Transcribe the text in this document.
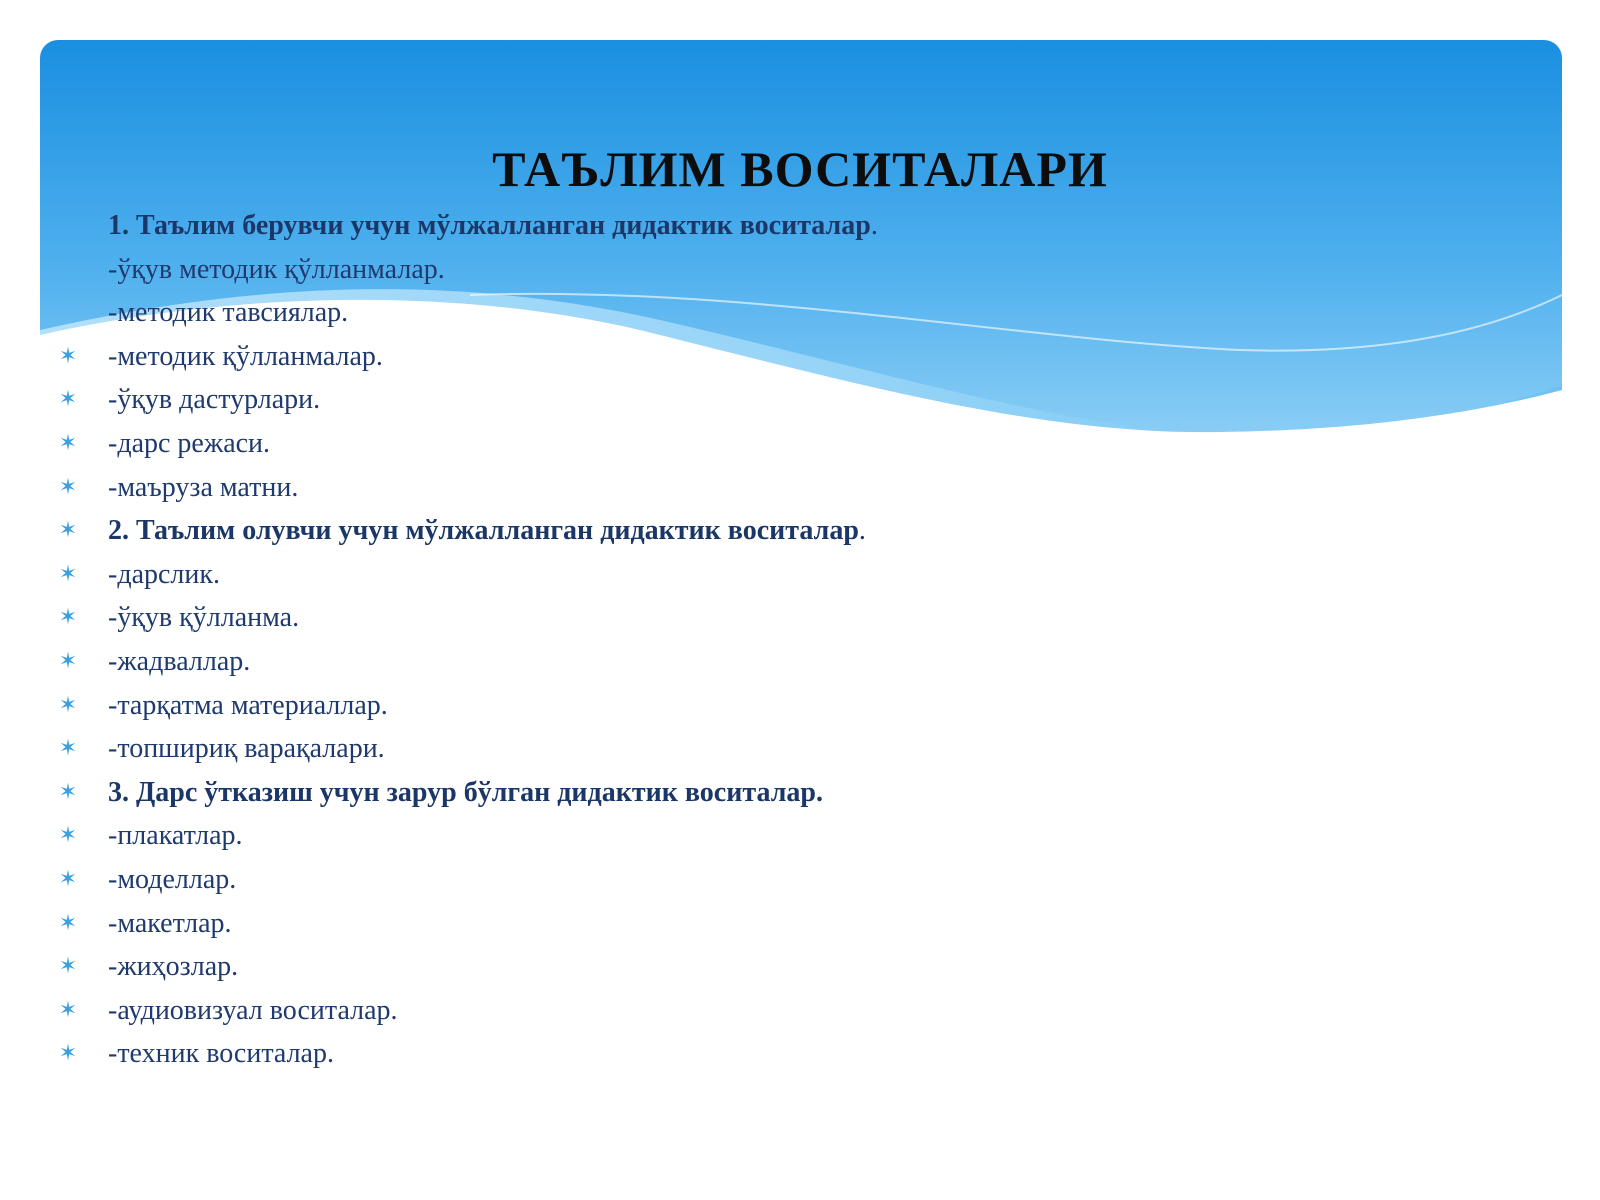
ТАЪЛИМ ВОСИТАЛАРИ
1. Таълим берувчи учун мўлжалланган дидактик воситалар.
-ўқув методик қўлланмалар.
-методик тавсиялар.
✶ -методик қўлланмалар.
✶ -ўқув дастурлари.
✶ -дарс режаси.
✶ -маъруза матни.
✶ 2. Таълим олувчи учун мўлжалланган дидактик воситалар.
✶ -дарслик.
✶ -ўқув қўлланма.
✶ -жадваллар.
✶ -тарқатма материаллар.
✶ -топшириқ варақалари.
✶ 3. Дарс ўтказиш учун зарур бўлган дидактик воситалар.
✶ -плакатлар.
✶ -моделлар.
✶ -макетлар.
✶ -жиҳозлар.
✶ -аудиовизуал воситалар.
✶ -техник воситалар.
